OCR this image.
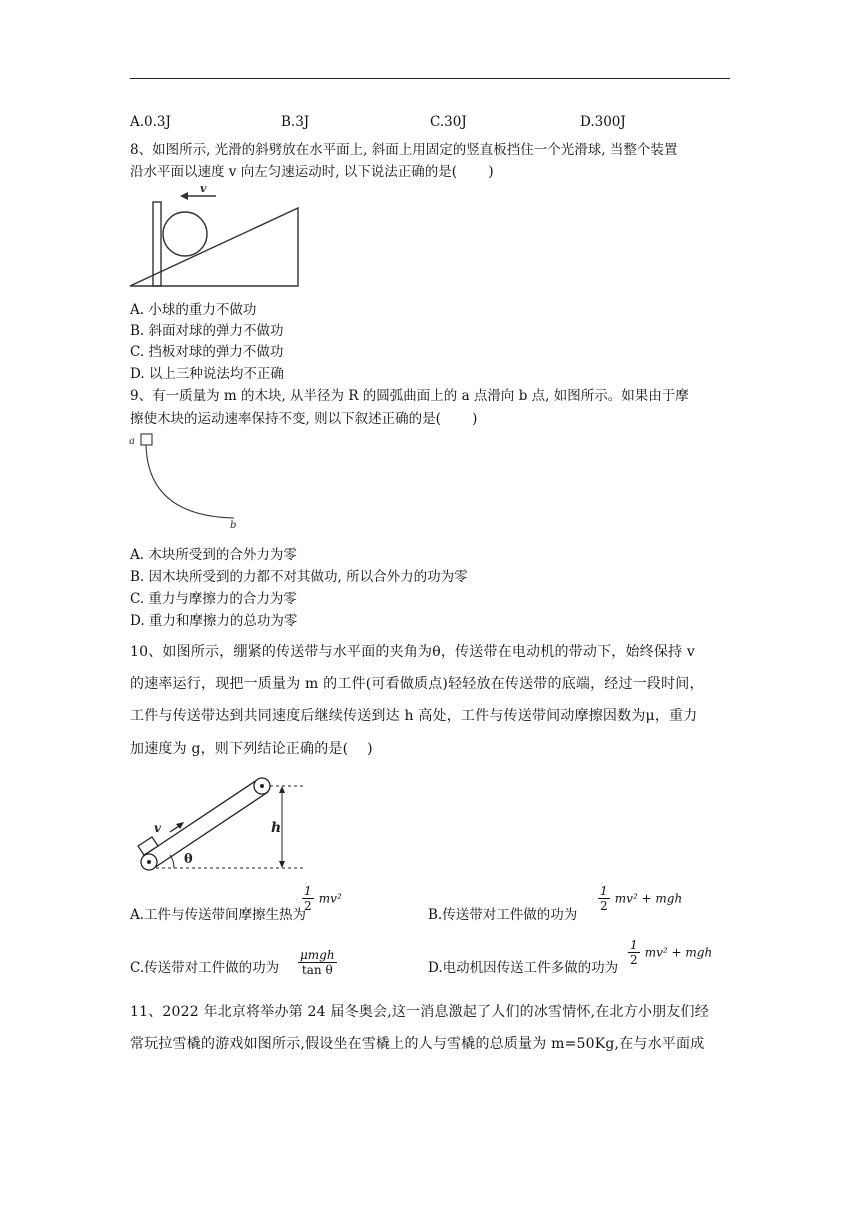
A.0.3J	B.3J	C.30J	D.300J
8、如图所示, 光滑的斜劈放在水平面上, 斜面上用固定的竖直板挡住一个光滑球, 当整个装置
沿水平面以速度 v 向左匀速运动时, 以下说法正确的是(　　 )
v
A. 小球的重力不做功
B. 斜面对球的弹力不做功
C. 挡板对球的弹力不做功
D. 以上三种说法均不正确
9、有一质量为 m 的木块, 从半径为 R 的圆弧曲面上的 a 点滑向 b 点, 如图所示。如果由于摩
擦使木块的运动速率保持不变, 则以下叙述正确的是(　　 )
a
b
A. 木块所受到的合外力为零
B. 因木块所受到的力都不对其做功, 所以合外力的功为零
C. 重力与摩擦力的合力为零
D. 重力和摩擦力的总功为零
10、如图所示，绷紧的传送带与水平面的夹角为θ，传送带在电动机的带动下，始终保持 v
的速率运行，现把一质量为 m 的工件(可看做质点)轻轻放在传送带的底端，经过一段时间，
工件与传送带达到共同速度后继续传送到达 h 高处，工件与传送带间动摩擦因数为μ，重力
加速度为 g，则下列结论正确的是(　 )
v	h
θ
A.工件与传送带间摩擦生热为
$\frac{1}{2} mv^2$
B.传送带对工件做的功为
$\frac{1}{2} mv^2$ + mgh
C.传送带对工件做的功为 $\frac{\text{μmgh}}{\text{tan θ}}$	D.电动机因传送工件多做的功为
$\frac{1}{2} mv^2$ + mgh
11、2022 年北京将举办第 24 届冬奥会,这一消息激起了人们的冰雪情怀,在北方小朋友们经
常玩拉雪橇的游戏如图所示,假设坐在雪橇上的人与雪橇的总质量为 m=50Kg,在与水平面成
